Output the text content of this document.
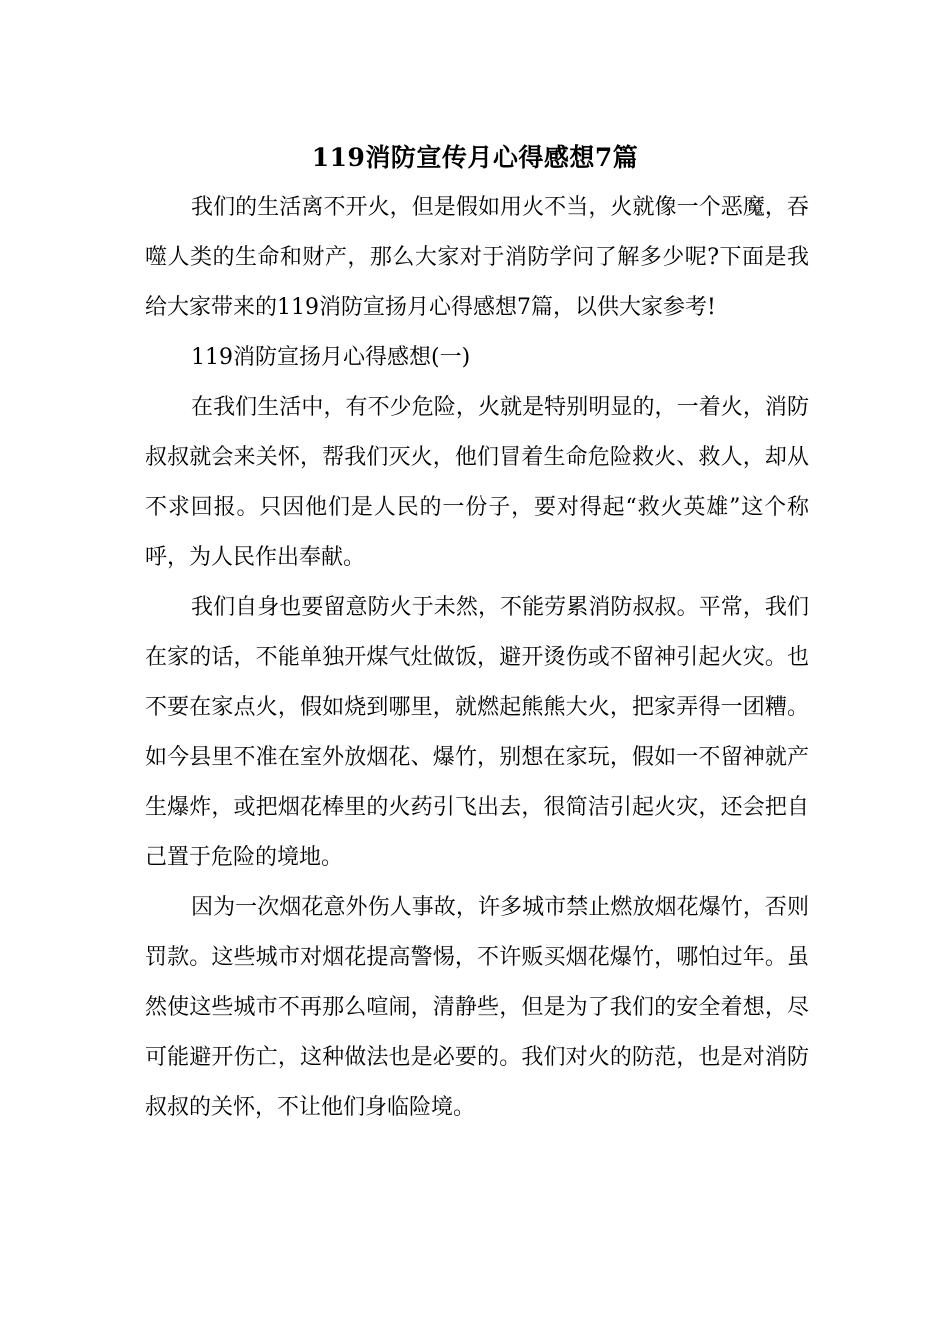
119消防宣传月心得感想7篇

我们的生活离不开火，但是假如用火不当，火就像一个恶魔，吞噬人类的生命和财产，那么大家对于消防学问了解多少呢?下面是我给大家带来的119消防宣扬月心得感想7篇，以供大家参考!

119消防宣扬月心得感想(一)

在我们生活中，有不少危险，火就是特别明显的，一着火，消防叔叔就会来关怀，帮我们灭火，他们冒着生命危险救火、救人，却从不求回报。只因他们是人民的一份子，要对得起“救火英雄”这个称呼，为人民作出奉献。

我们自身也要留意防火于未然，不能劳累消防叔叔。平常，我们在家的话，不能单独开煤气灶做饭，避开烫伤或不留神引起火灾。也不要在家点火，假如烧到哪里，就燃起熊熊大火，把家弄得一团糟。如今县里不准在室外放烟花、爆竹，别想在家玩，假如一不留神就产生爆炸，或把烟花棒里的火药引飞出去，很简洁引起火灾，还会把自己置于危险的境地。

因为一次烟花意外伤人事故，许多城市禁止燃放烟花爆竹，否则罚款。这些城市对烟花提高警惕，不许贩买烟花爆竹，哪怕过年。虽然使这些城市不再那么喧闹，清静些，但是为了我们的安全着想，尽可能避开伤亡，这种做法也是必要的。我们对火的防范，也是对消防叔叔的关怀，不让他们身临险境。
